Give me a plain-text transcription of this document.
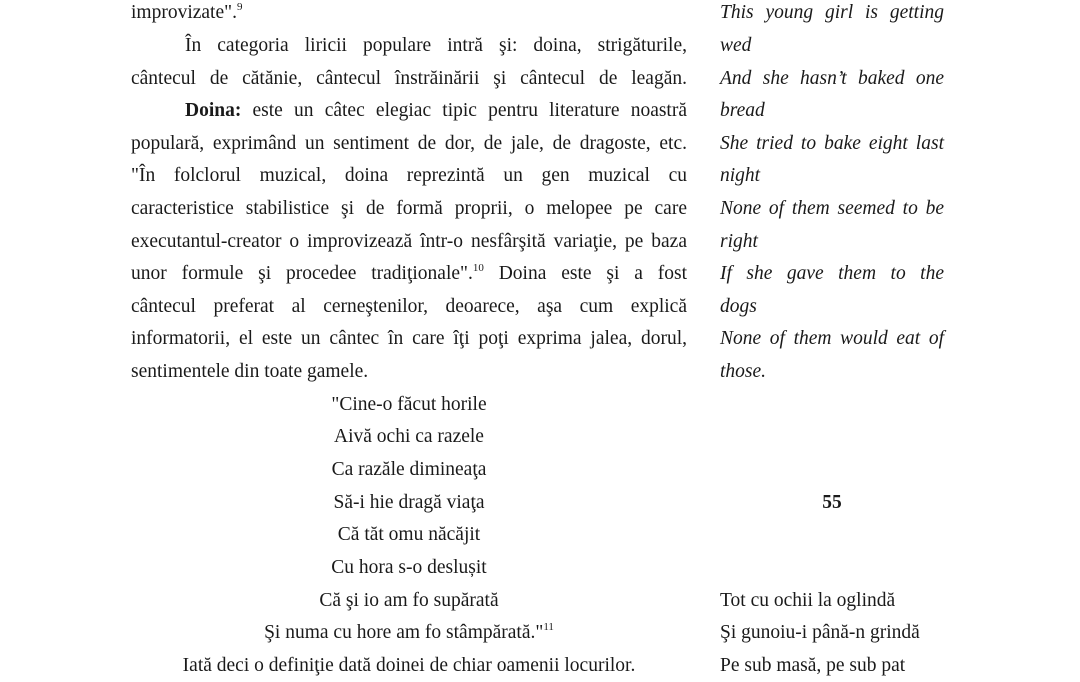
improvizate".$^9$
În categoria liricii populare intră şi: doina, strigăturile,
cântecul de cătănie, cântecul înstrăinării şi cântecul de leagăn.
Doina: este un câtec elegiac tipic pentru literature noastră
populară, exprimând un sentiment de dor, de jale, de dragoste, etc.
"În folclorul muzical, doina reprezintă un gen muzical cu
caracteristice stabilistice şi de formă proprii, o melopee pe care
executantul-creator o improvizează într-o nesfârşită variaţie, pe baza
unor formule şi procedee tradiţionale".$^{10}$ Doina este şi a fost
cântecul preferat al cerneştenilor, deoarece, aşa cum explică
informatorii, el este un cântec în care îţi poţi exprima jalea, dorul,
sentimentele din toate gamele.
"Cine-o făcut horile
Aivă ochi ca razele
Ca razăle dimineaţa
Să-i hie dragă viaţa
Că tăt omu năcăjit
Cu hora s-o deslușit
Că şi io am fo supărată
Şi numa cu hore am fo stâmpărată."$^{11}$
Iată deci o definiţie dată doinei de chiar oamenii locurilor.
This young girl is getting
wed
And she hasn’t baked one
bread
She tried to bake eight last
night
None of them seemed to be
right
If she gave them to the
dogs
None of them would eat of
those.
55
Tot cu ochii la oglindă
Şi gunoiu-i până-n grindă
Pe sub masă, pe sub pat
